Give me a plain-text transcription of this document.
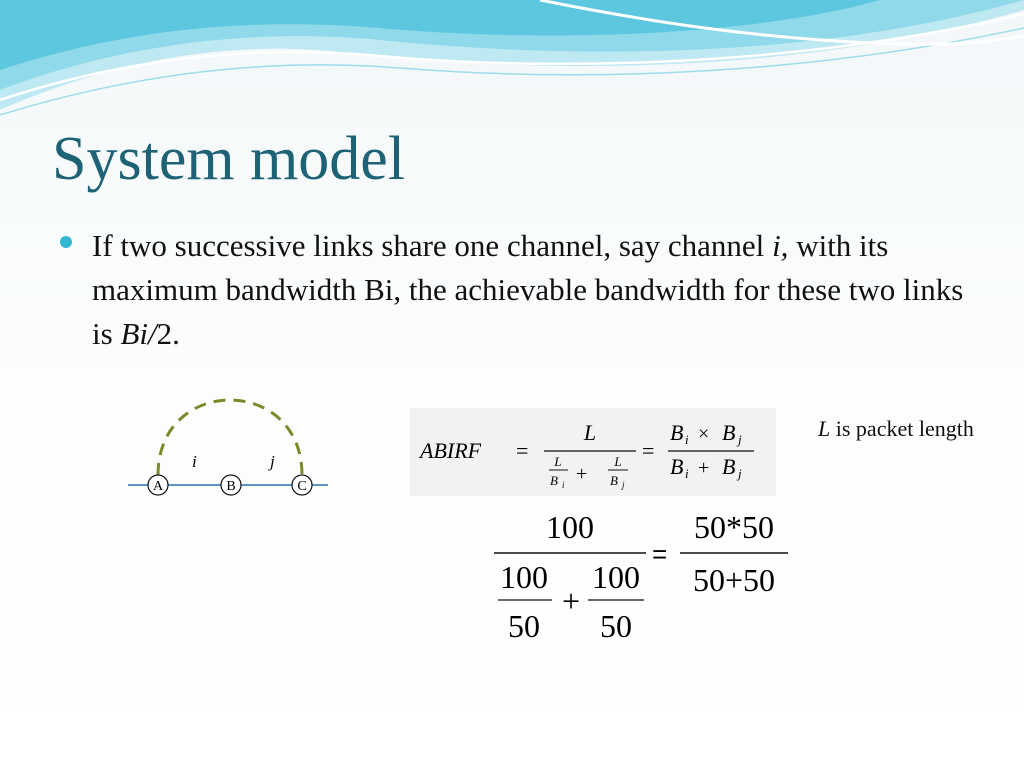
System model
If two successive links share one channel, say channel i, with its maximum bandwidth Bi, the achievable bandwidth for these two links is Bi/2.
i	j
A	B	C
ABIRF =
L
L
B i +
L
B j
=
B i × B j
B i + B j
L is packet length
100
100
50
+
100
50
=
50*50
50+50
